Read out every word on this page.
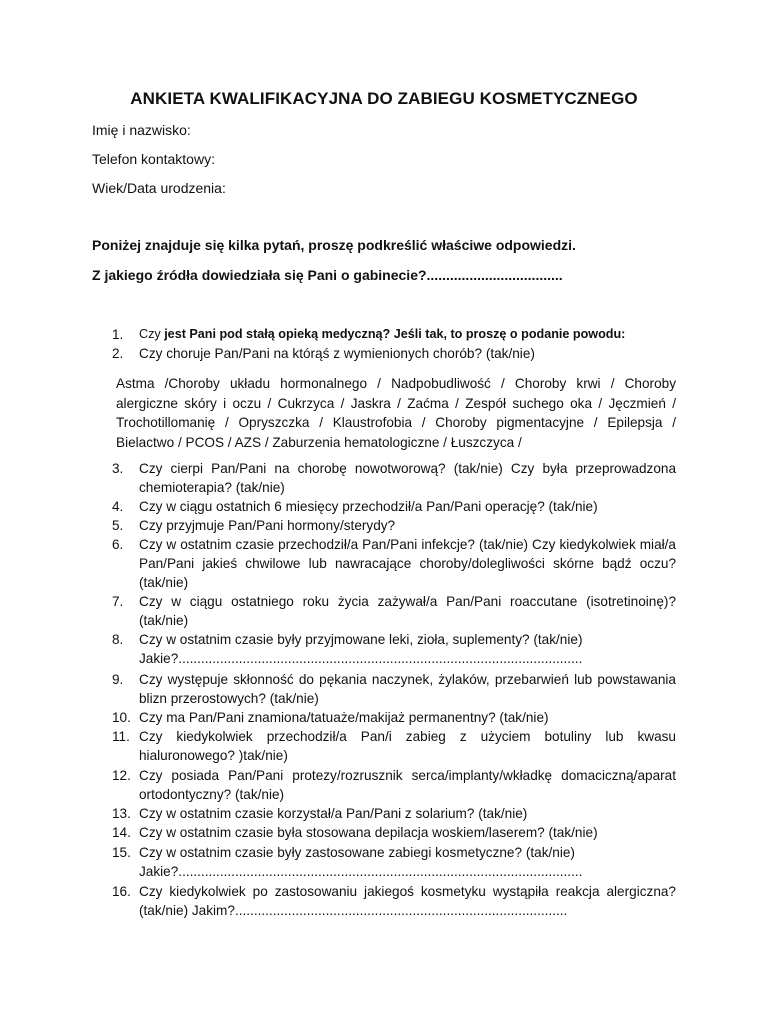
ANKIETA KWALIFIKACYJNA DO ZABIEGU KOSMETYCZNEGO
Imię i nazwisko:
Telefon kontaktowy:
Wiek/Data urodzenia:
Poniżej znajduje się kilka pytań, proszę podkreślić właściwe odpowiedzi.
Z jakiego źródła dowiedziała się Pani o gabinecie?...................................
1. Czy jest Pani pod stałą opieką medyczną? Jeśli tak, to proszę o podanie powodu:
2. Czy choruje Pan/Pani na którąś z wymienionych chorób? (tak/nie)
Astma /Choroby układu hormonalnego / Nadpobudliwość / Choroby krwi / Choroby alergiczne skóry i oczu / Cukrzyca / Jaskra / Zaćma / Zespół suchego oka / Jęczmień / Trochotillomanię / Opryszczka / Klaustrofobia / Choroby pigmentacyjne / Epilepsja / Bielactwo / PCOS / AZS / Zaburzenia hematologiczne / Łuszczyca /
3. Czy cierpi Pan/Pani na chorobę nowotworową? (tak/nie) Czy była przeprowadzona chemioterapia? (tak/nie)
4. Czy w ciągu ostatnich 6 miesięcy przechodził/a Pan/Pani operację? (tak/nie)
5. Czy przyjmuje Pan/Pani hormony/sterydy?
6. Czy w ostatnim czasie przechodził/a Pan/Pani infekcje? (tak/nie) Czy kiedykolwiek miał/a Pan/Pani jakieś chwilowe lub nawracające choroby/dolegliwości skórne bądź oczu? (tak/nie)
7. Czy w ciągu ostatniego roku życia zażywał/a Pan/Pani roaccutane (isotretinoinę)? (tak/nie)
8. Czy w ostatnim czasie były przyjmowane leki, zioła, suplementy? (tak/nie)
Jakie?...........................................................................................................
9. Czy występuje skłonność do pękania naczynek, żylaków, przebarwień lub powstawania blizn przerostowych? (tak/nie)
10. Czy ma Pan/Pani znamiona/tatuaże/makijaż permanentny? (tak/nie)
11. Czy kiedykolwiek przechodził/a Pan/i zabieg z użyciem botuliny lub kwasu hialuronowego? )tak/nie)
12. Czy posiada Pan/Pani protezy/rozrusznik serca/implanty/wkładkę domaciczną/aparat ortodontyczny? (tak/nie)
13. Czy w ostatnim czasie korzystał/a Pan/Pani z solarium? (tak/nie)
14. Czy w ostatnim czasie była stosowana depilacja woskiem/laserem? (tak/nie)
15. Czy w ostatnim czasie były zastosowane zabiegi kosmetyczne? (tak/nie)
Jakie?...........................................................................................................
16. Czy kiedykolwiek po zastosowaniu jakiegoś kosmetyku wystąpiła reakcja alergiczna? (tak/nie) Jakim?........................................................................................
